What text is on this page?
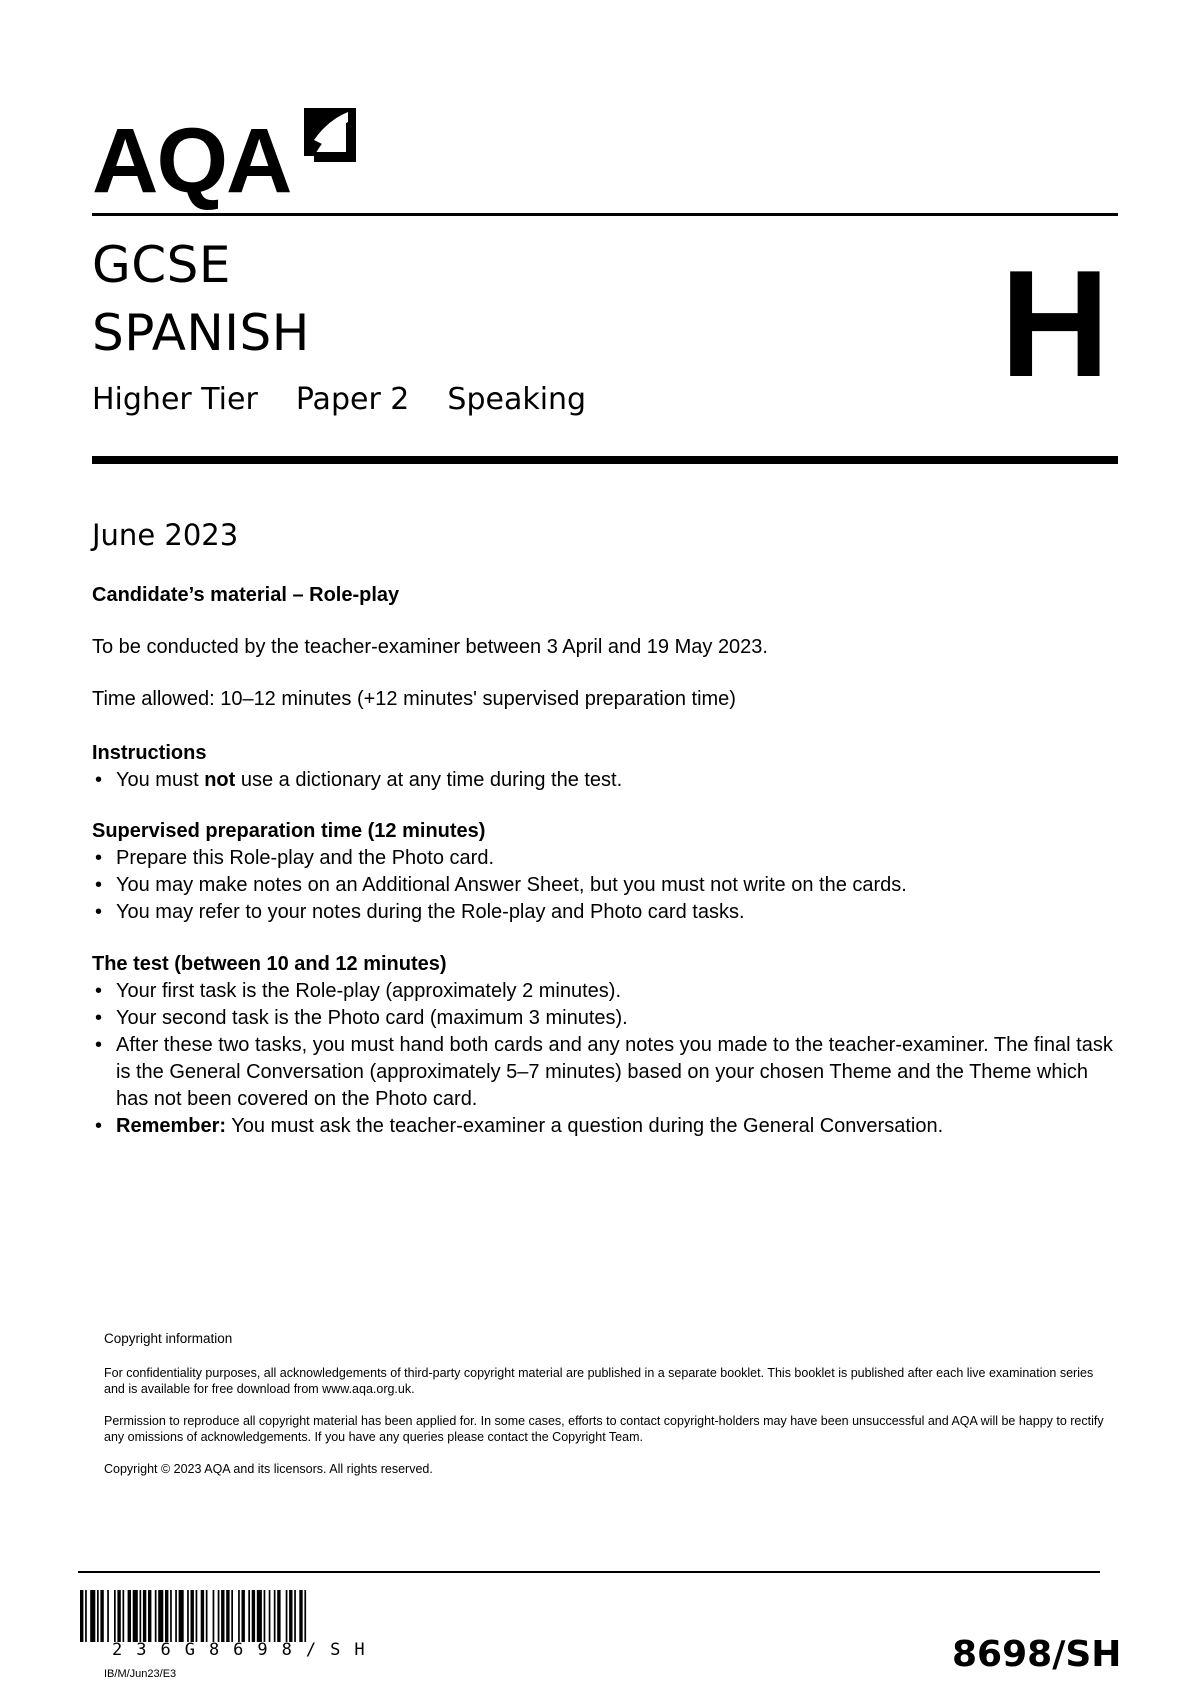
AQA
GCSE
SPANISH
Higher Tier Paper 2 Speaking	H
June 2023
Candidate’s material – Role-play
To be conducted by the teacher-examiner between 3 April and 19 May 2023.
Time allowed: 10–12 minutes (+12 minutes' supervised preparation time)
Instructions
• You must not use a dictionary at any time during the test.
Supervised preparation time (12 minutes)
• Prepare this Role-play and the Photo card.
• You may make notes on an Additional Answer Sheet, but you must not write on the cards.
• You may refer to your notes during the Role-play and Photo card tasks.
The test (between 10 and 12 minutes)
• Your first task is the Role-play (approximately 2 minutes).
• Your second task is the Photo card (maximum 3 minutes).
• After these two tasks, you must hand both cards and any notes you made to the teacher-examiner. The final task is the General Conversation (approximately 5–7 minutes) based on your chosen Theme and the Theme which has not been covered on the Photo card.
• Remember: You must ask the teacher-examiner a question during the General Conversation.

Copyright information

For confidentiality purposes, all acknowledgements of third-party copyright material are published in a separate booklet. This booklet is published after each live examination series and is available for free download from www.aqa.org.uk.

Permission to reproduce all copyright material has been applied for. In some cases, efforts to contact copyright-holders may have been unsuccessful and AQA will be happy to rectify any omissions of acknowledgements. If you have any queries please contact the Copyright Team.

Copyright © 2023 AQA and its licensors. All rights reserved.

236G8698/SH
IB/M/Jun23/E3	8698/SH
